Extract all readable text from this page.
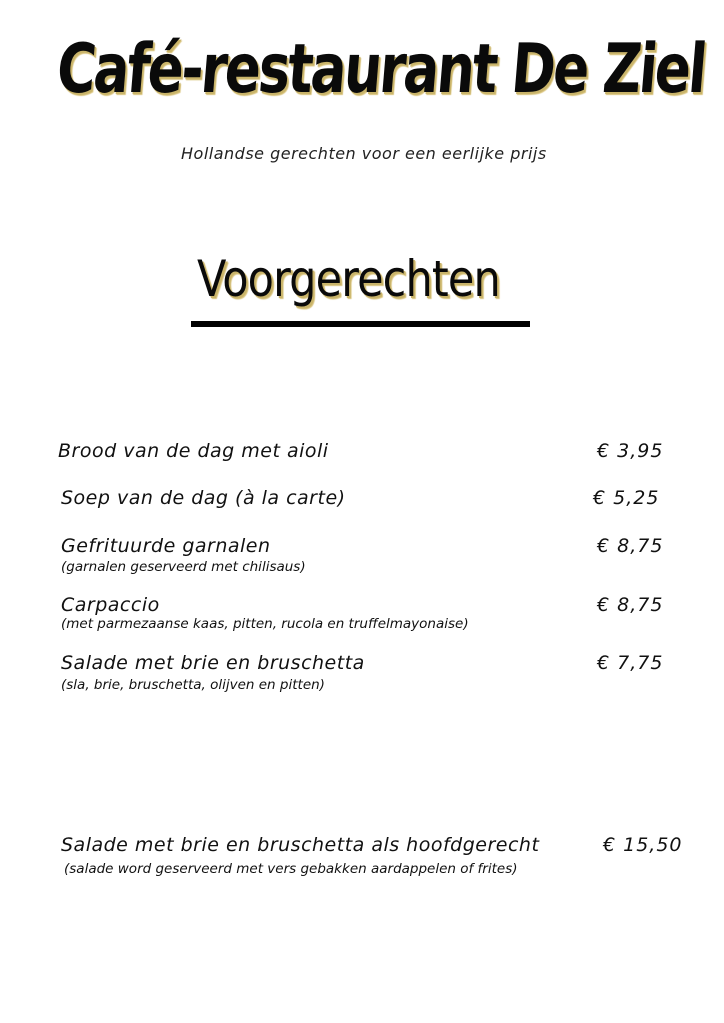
Café-restaurant De Ziel
Hollandse gerechten voor een eerlijke prijs
Voorgerechten
Brood van de dag met aioli	€ 3,95
Soep van de dag (à la carte)	€ 5,25
Gefrituurde garnalen	€ 8,75
(garnalen geserveerd met chilisaus)
Carpaccio	€ 8,75
(met parmezaanse kaas, pitten, rucola en truffelmayonaise)
Salade met brie en bruschetta	€ 7,75
(sla, brie, bruschetta, olijven en pitten)
Salade met brie en bruschetta als hoofdgerecht	€ 15,50
(salade word geserveerd met vers gebakken aardappelen of frites)
